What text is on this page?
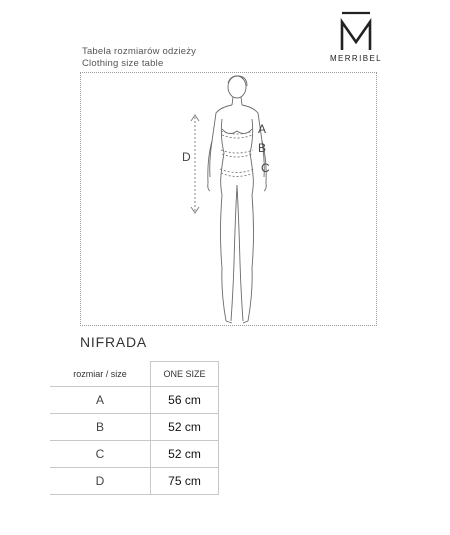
MERRIBEL
Tabela rozmiarów odzieży
Clothing size table
A
B
C
D
NIFRADA
rozmiar / size	ONE SIZE
A	56 cm
B	52 cm
C	52 cm
D	75 cm
